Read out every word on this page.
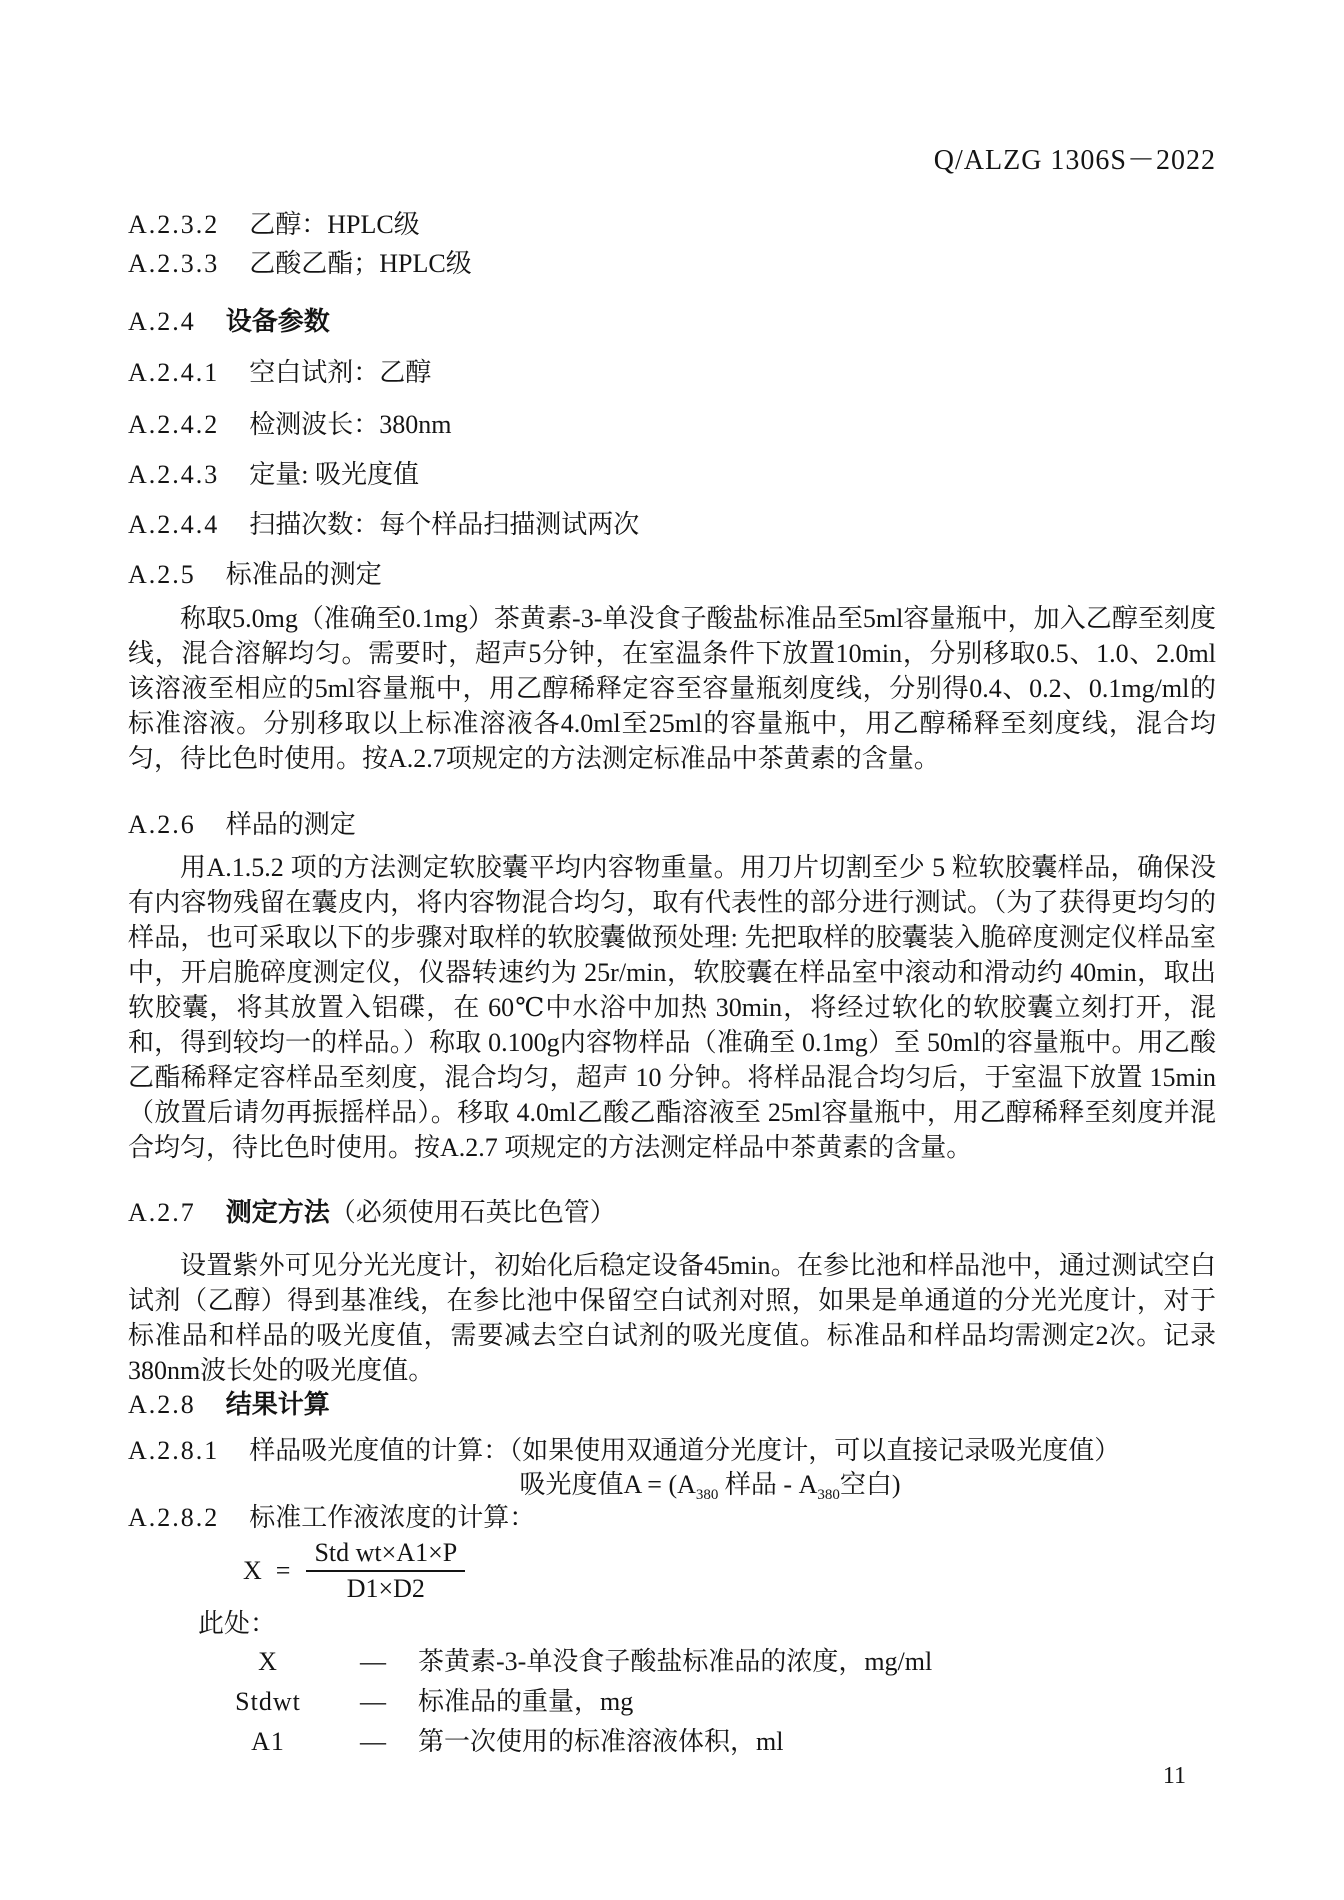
Q/ALZG 1306S－2022
A.2.3.2 乙醇：HPLC级
A.2.3.3 乙酸乙酯；HPLC级
A.2.4 设备参数
A.2.4.1 空白试剂：乙醇
A.2.4.2 检测波长：380nm
A.2.4.3 定量: 吸光度值
A.2.4.4 扫描次数：每个样品扫描测试两次
A.2.5 标准品的测定

称取5.0mg（准确至0.1mg）茶黄素-3-单没食子酸盐标准品至5ml容量瓶中，加入乙醇至刻度线，混合溶解均匀。需要时，超声5分钟，在室温条件下放置10min，分别移取0.5、1.0、2.0ml该溶液至相应的5ml容量瓶中，用乙醇稀释定容至容量瓶刻度线，分别得0.4、0.2、0.1mg/ml的标准溶液。分别移取以上标准溶液各4.0ml至25ml的容量瓶中，用乙醇稀释至刻度线，混合均匀，待比色时使用。按A.2.7项规定的方法测定标准品中茶黄素的含量。

A.2.6 样品的测定

用A.1.5.2 项的方法测定软胶囊平均内容物重量。用刀片切割至少 5 粒软胶囊样品，确保没有内容物残留在囊皮内，将内容物混合均匀，取有代表性的部分进行测试。（为了获得更均匀的样品，也可采取以下的步骤对取样的软胶囊做预处理: 先把取样的胶囊装入脆碎度测定仪样品室中，开启脆碎度测定仪，仪器转速约为 25r/min，软胶囊在样品室中滚动和滑动约 40min，取出软胶囊，将其放置入铝碟，在 60℃中水浴中加热 30min，将经过软化的软胶囊立刻打开，混和，得到较均一的样品。）称取 0.100g内容物样品（准确至 0.1mg）至 50ml的容量瓶中。用乙酸乙酯稀释定容样品至刻度，混合均匀，超声 10 分钟。将样品混合均匀后，于室温下放置 15min（放置后请勿再振摇样品）。移取 4.0ml乙酸乙酯溶液至 25ml容量瓶中，用乙醇稀释至刻度并混合均匀，待比色时使用。按A.2.7 项规定的方法测定样品中茶黄素的含量。

A.2.7 测定方法（必须使用石英比色管）

设置紫外可见分光光度计，初始化后稳定设备45min。在参比池和样品池中，通过测试空白试剂（乙醇）得到基准线，在参比池中保留空白试剂对照，如果是单通道的分光光度计，对于标准品和样品的吸光度值，需要减去空白试剂的吸光度值。标准品和样品均需测定2次。记录380nm波长处的吸光度值。

A.2.8 结果计算
A.2.8.1 样品吸光度值的计算：（如果使用双通道分光度计，可以直接记录吸光度值）
吸光度值$A = (A_{380}$ 样品 - $A_{380}$空白)
A.2.8.2 标准工作液浓度的计算：
$X = \frac{\text{Std wt×A1×P}}{D1\times D2}$
此处：
X	—	茶黄素-3-单没食子酸盐标准品的浓度，mg/ml
Stdwt	—	标准品的重量，mg
A1	—	第一次使用的标准溶液体积，ml
11
